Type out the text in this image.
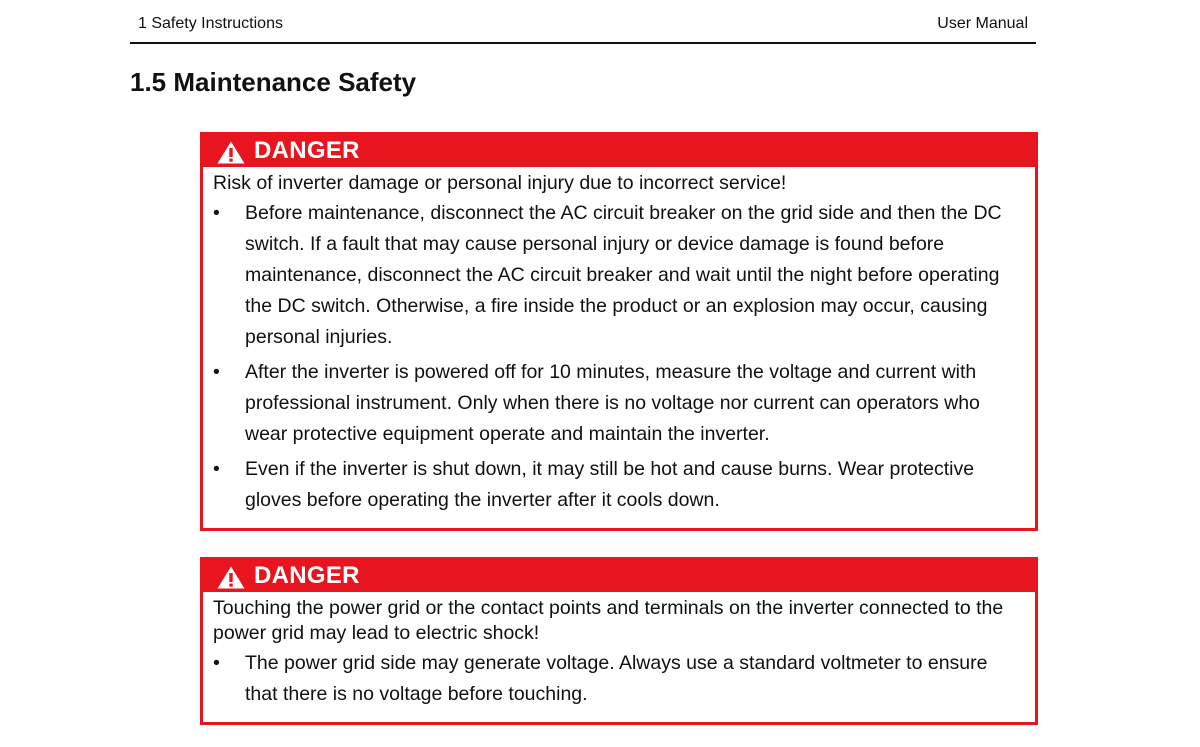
1 Safety Instructions	User Manual
1.5 Maintenance Safety
DANGER

Risk of inverter damage or personal injury due to incorrect service!

• Before maintenance, disconnect the AC circuit breaker on the grid side and then the DC switch. If a fault that may cause personal injury or device damage is found before maintenance, disconnect the AC circuit breaker and wait until the night before operating the DC switch. Otherwise, a fire inside the product or an explosion may occur, causing personal injuries.
• After the inverter is powered off for 10 minutes, measure the voltage and current with professional instrument. Only when there is no voltage nor current can operators who wear protective equipment operate and maintain the inverter.
• Even if the inverter is shut down, it may still be hot and cause burns. Wear protective gloves before operating the inverter after it cools down.
DANGER

Touching the power grid or the contact points and terminals on the inverter connected to the power grid may lead to electric shock!

• The power grid side may generate voltage. Always use a standard voltmeter to ensure that there is no voltage before touching.
